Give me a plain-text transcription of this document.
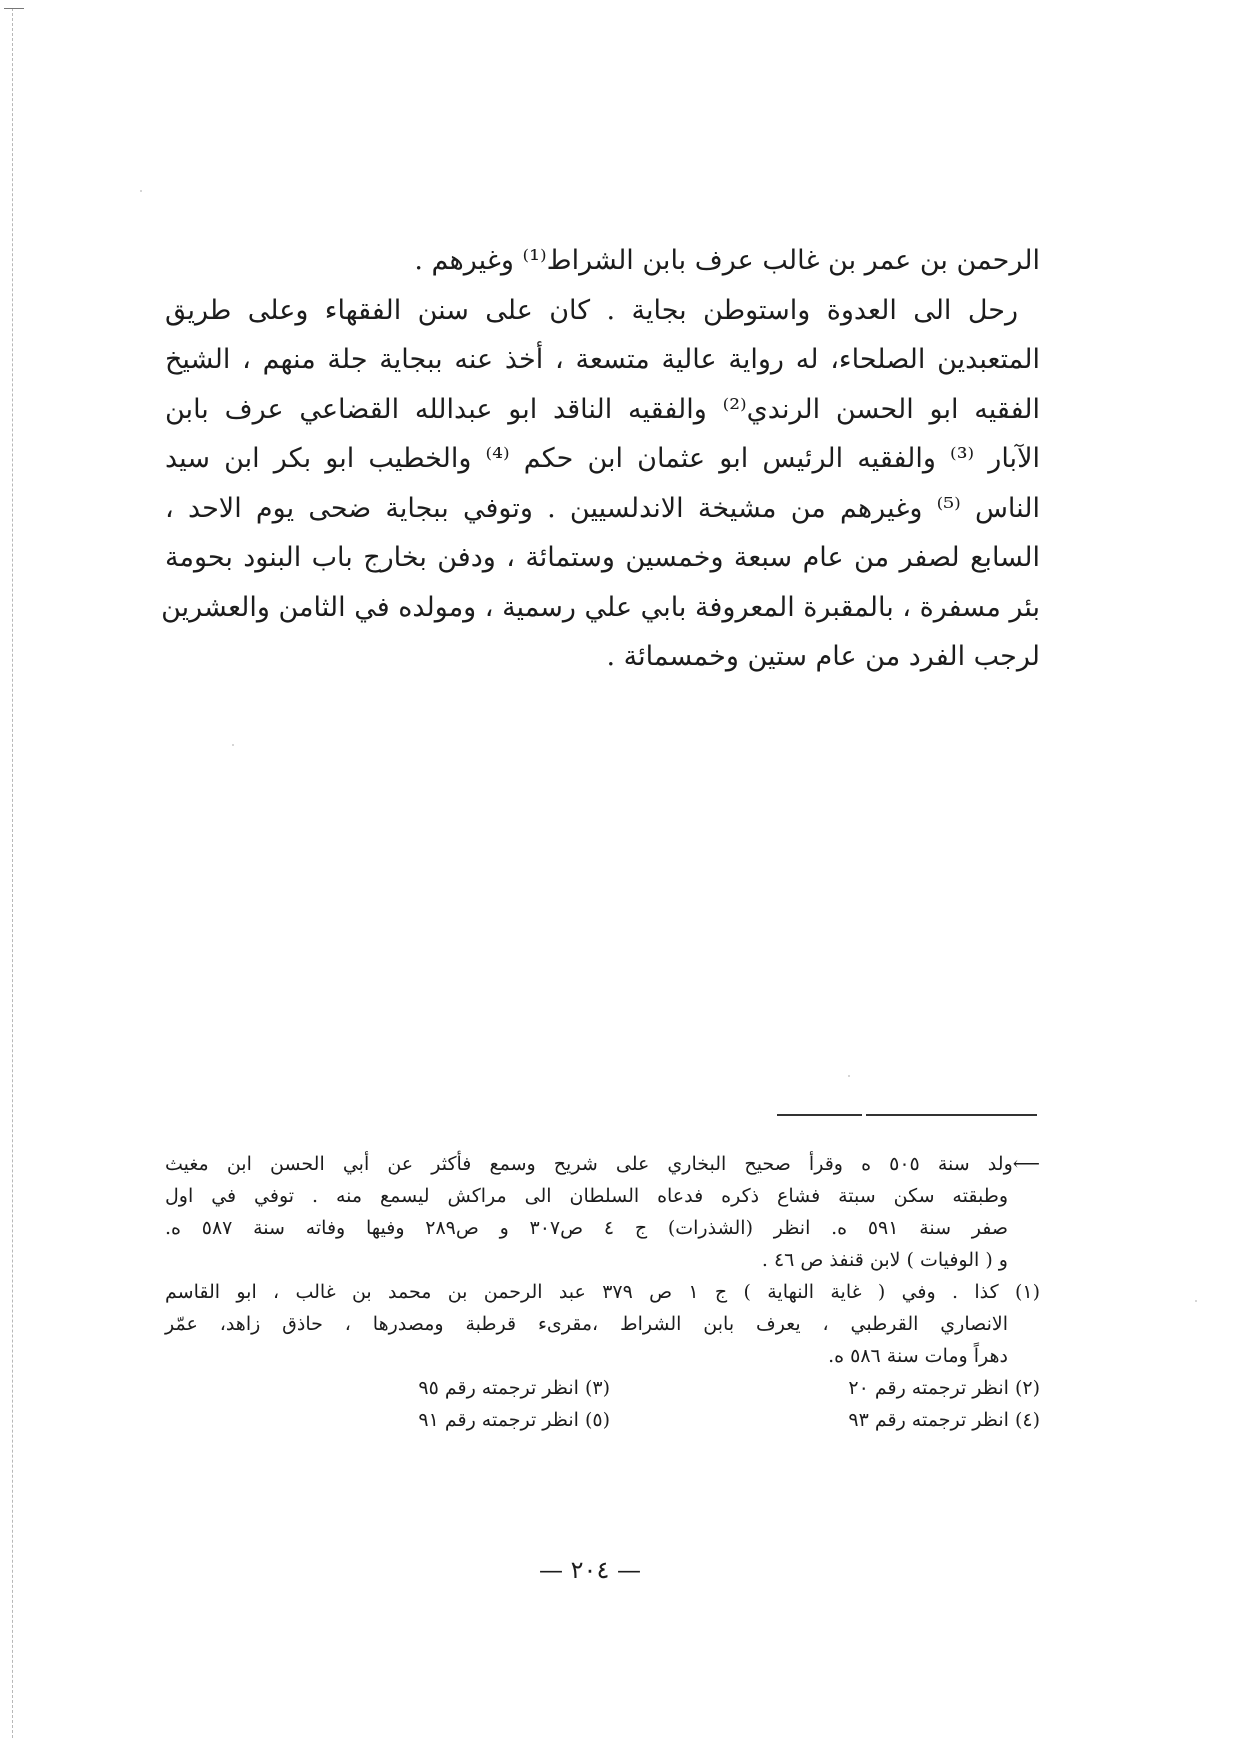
الرحمن بن عمر بن غالب عرف بابن الشراط⁽¹⁾ وغيرهم .
رحل الى العدوة واستوطن بجاية . كان على سنن الفقهاء وعلى طريق
المتعبدين الصلحاء، له رواية عالية متسعة ، أخذ عنه ببجاية جلة منهم ، الشيخ
الفقيه ابو الحسن الرندي⁽²⁾ والفقيه الناقد ابو عبدالله القضاعي عرف بابن
الآبار ⁽³⁾ والفقيه الرئيس ابو عثمان ابن حكم ⁽⁴⁾ والخطيب ابو بكر ابن سيد
الناس ⁽⁵⁾ وغيرهم من مشيخة الاندلسيين . وتوفي ببجاية ضحى يوم الاحد ،
السابع لصفر من عام سبعة وخمسين وستمائة ، ودفن بخارج باب البنود بحومة
بئر مسفرة ، بالمقبرة المعروفة بابي علي رسمية ، ومولده في الثامن والعشرين
لرجب الفرد من عام ستين وخمسمائة .
⟵ولد سنة ٥٠٥ ه وقرأ صحيح البخاري على شريح وسمع فأكثر عن أبي الحسن ابن مغيث
وطبقته سكن سبتة فشاع ذكره فدعاه السلطان الى مراكش ليسمع منه . توفي في اول
صفر سنة ٥٩١ ه. انظر (الشذرات) ج ٤ ص٣٠٧ و ص٢٨٩ وفيها وفاته سنة ٥٨٧ ه.
و ( الوفيات ) لابن قنفذ ص ٤٦ .
(١) كذا . وفي ( غاية النهاية ) ج ١ ص ٣٧٩ عبد الرحمن بن محمد بن غالب ، ابو القاسم
الانصاري القرطبي ، يعرف بابن الشراط ،مقرىء قرطبة ومصدرها ، حاذق زاهد، عمّر
دهراً ومات سنة ٥٨٦ ه.
(٢) انظر ترجمته رقم ٢٠
(٣) انظر ترجمته رقم ٩٥
(٤) انظر ترجمته رقم ٩٣
(٥) انظر ترجمته رقم ٩١
— ٢٠٤ —
